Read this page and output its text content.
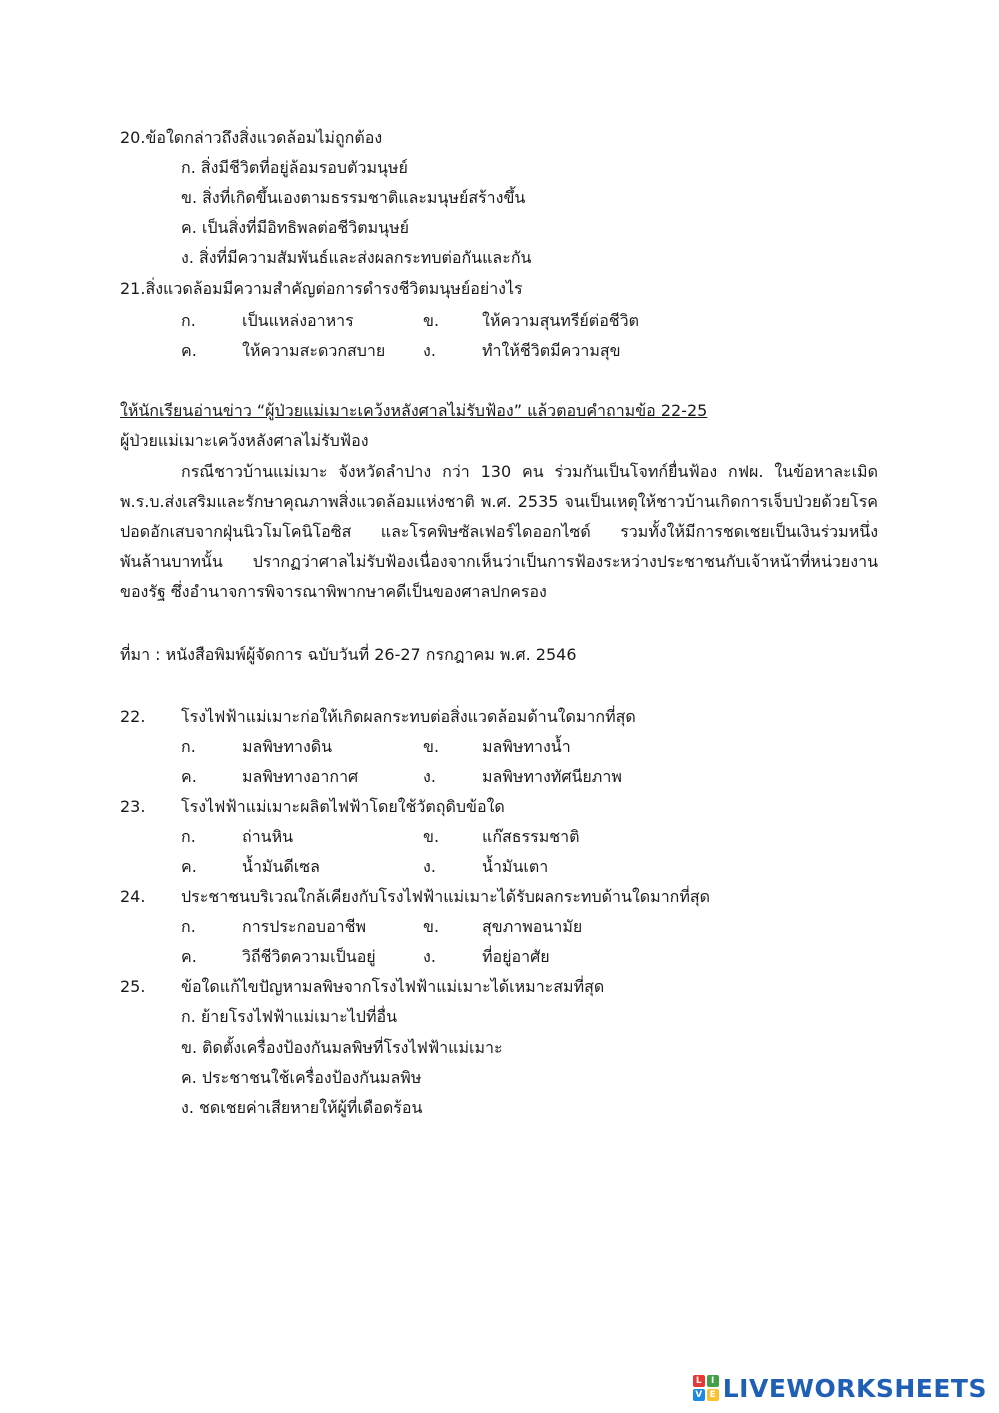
20.ข้อใดกล่าวถึงสิ่งแวดล้อมไม่ถูกต้อง
ก. สิ่งมีชีวิตที่อยู่ล้อมรอบตัวมนุษย์
ข. สิ่งที่เกิดขึ้นเองตามธรรมชาติและมนุษย์สร้างขึ้น
ค. เป็นสิ่งที่มีอิทธิพลต่อชีวิตมนุษย์
ง. สิ่งที่มีความสัมพันธ์และส่งผลกระทบต่อกันและกัน
21.สิ่งแวดล้อมมีความสำคัญต่อการดำรงชีวิตมนุษย์อย่างไร
ก.	เป็นแหล่งอาหาร	ข.	ให้ความสุนทรีย์ต่อชีวิต
ค.	ให้ความสะดวกสบาย ง.	ทำให้ชีวิตมีความสุข
ให้นักเรียนอ่านข่าว “ผู้ป่วยแม่เมาะเคว้งหลังศาลไม่รับฟ้อง” แล้วตอบคำถามข้อ 22-25
ผู้ป่วยแม่เมาะเคว้งหลังศาลไม่รับฟ้อง
กรณีชาวบ้านแม่เมาะ จังหวัดลำปาง กว่า 130 คน ร่วมกันเป็นโจทก์ยื่นฟ้อง กฟผ. ในข้อหาละเมิด
พ.ร.บ.ส่งเสริมและรักษาคุณภาพสิ่งแวดล้อมแห่งชาติ พ.ศ. 2535 จนเป็นเหตุให้ชาวบ้านเกิดการเจ็บป่วยด้วยโรค
ปอดอักเสบจากฝุ่นนิวโมโคนิโอซิส และโรคพิษซัลเฟอร์ไดออกไซด์ รวมทั้งให้มีการชดเชยเป็นเงินร่วมหนึ่ง
พันล้านบาทนั้น ปรากฏว่าศาลไม่รับฟ้องเนื่องจากเห็นว่าเป็นการฟ้องระหว่างประชาชนกับเจ้าหน้าที่หน่วยงาน
ของรัฐ ซึ่งอำนาจการพิจารณาพิพากษาคดีเป็นของศาลปกครอง
ที่มา : หนังสือพิมพ์ผู้จัดการ ฉบับวันที่ 26-27 กรกฎาคม พ.ศ. 2546
22. โรงไฟฟ้าแม่เมาะก่อให้เกิดผลกระทบต่อสิ่งแวดล้อมด้านใดมากที่สุด
ก.	มลพิษทางดิน	ข.	มลพิษทางน้ำ
ค.	มลพิษทางอากาศ	ง.	มลพิษทางทัศนียภาพ
23. โรงไฟฟ้าแม่เมาะผลิตไฟฟ้าโดยใช้วัตถุดิบข้อใด
ก.	ถ่านหิน	ข.	แก๊สธรรมชาติ
ค.	น้ำมันดีเซล	ง.	น้ำมันเตา
24. ประชาชนบริเวณใกล้เคียงกับโรงไฟฟ้าแม่เมาะได้รับผลกระทบด้านใดมากที่สุด
ก.	การประกอบอาชีพ	ข.	สุขภาพอนามัย
ค.	วิถีชีวิตความเป็นอยู่	ง.	ที่อยู่อาศัย
25. ข้อใดแก้ไขปัญหามลพิษจากโรงไฟฟ้าแม่เมาะได้เหมาะสมที่สุด
ก. ย้ายโรงไฟฟ้าแม่เมาะไปที่อื่น
ข. ติดตั้งเครื่องป้องกันมลพิษที่โรงไฟฟ้าแม่เมาะ
ค. ประชาชนใช้เครื่องป้องกันมลพิษ
ง. ชดเชยค่าเสียหายให้ผู้ที่เดือดร้อน
L	I
V E LIVEWORKSHEETS
